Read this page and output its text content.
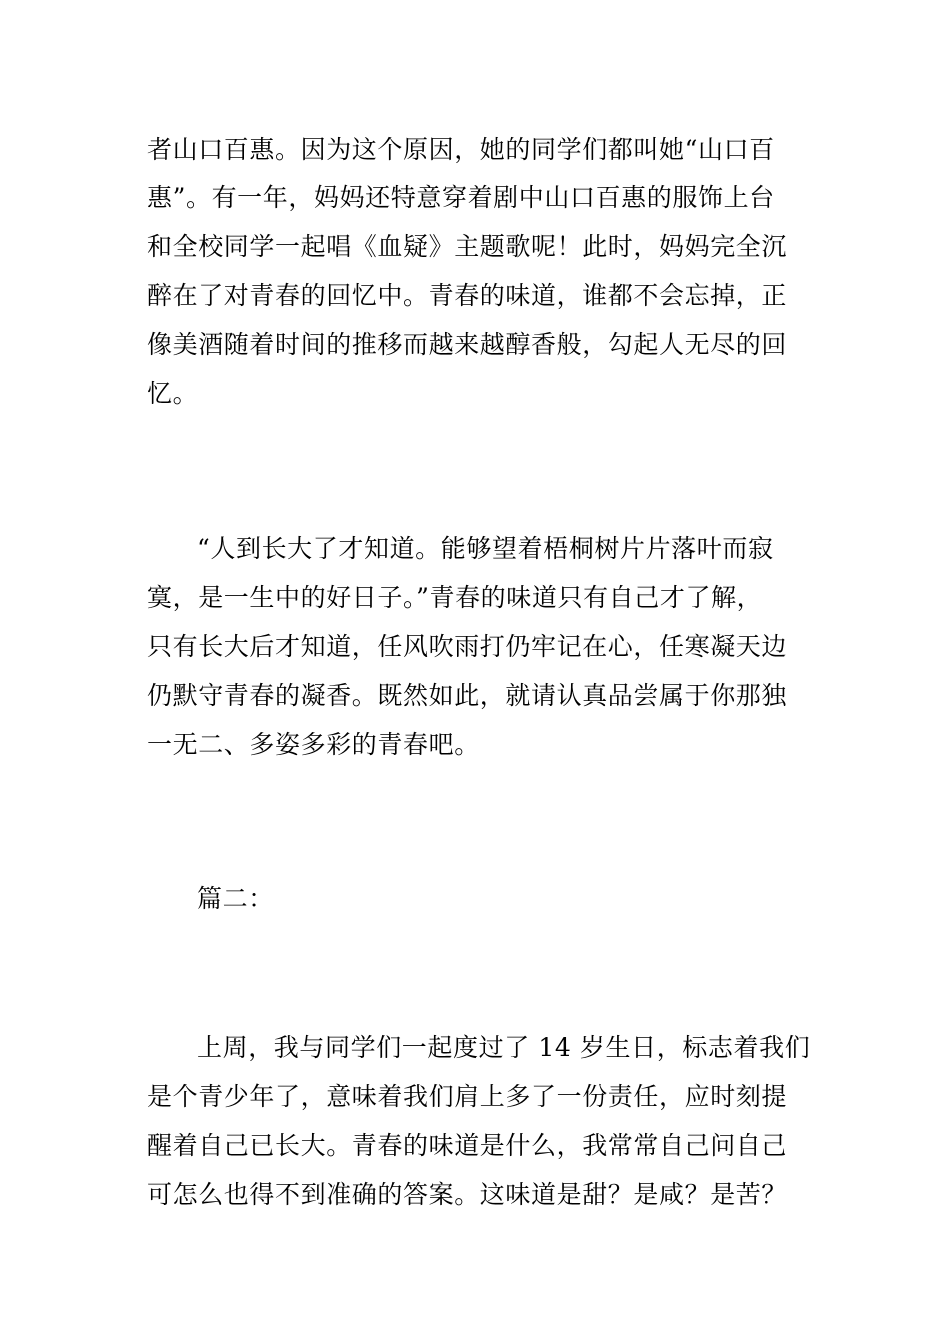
者山口百惠。因为这个原因，她的同学们都叫她“山口百
惠”。有一年，妈妈还特意穿着剧中山口百惠的服饰上台
和全校同学一起唱《血疑》主题歌呢！此时，妈妈完全沉
醉在了对青春的回忆中。青春的味道，谁都不会忘掉，正
像美酒随着时间的推移而越来越醇香般，勾起人无尽的回
忆。
“人到长大了才知道。能够望着梧桐树片片落叶而寂
寞，是一生中的好日子。”青春的味道只有自己才了解，
只有长大后才知道，任风吹雨打仍牢记在心，任寒凝天边
仍默守青春的凝香。既然如此，就请认真品尝属于你那独
一无二、多姿多彩的青春吧。
篇二：
上周，我与同学们一起度过了 14 岁生日，标志着我们
是个青少年了，意味着我们肩上多了一份责任，应时刻提
醒着自己已长大。青春的味道是什么，我常常自己问自己
可怎么也得不到准确的答案。这味道是甜？是咸？是苦？
